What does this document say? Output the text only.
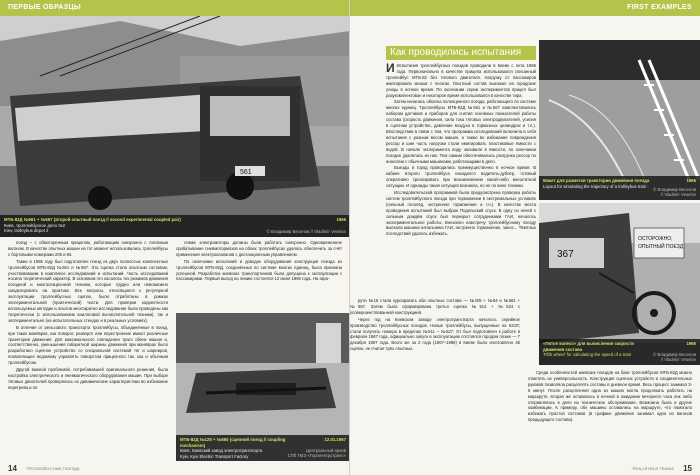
ПЕРВЫЕ ОБРАЗЦЫ
561
МТБ-82Д №561 + №567 (второй опытный поезд // second experimental coupled pair)
Киев, троллейбусное депо №2
Kiev, trolleybus depot 2
1966
© Владимир Веселов // Vladimir Veselov

поезд – с обмоторенным прицепом, работающим синхронно с головным вагоном. В качестве опытных машин на тот момент использовались троллейбусы с бортовыми номерами 205 и 84.

Также в 1965 году был подготовлен поезд из двух полностью комплектных троллейбусов МТБ-82Д №561 и №567. Эта сцепка стала опытным составом, участвовавшим в комплексе исследований и испытаний. Часть исследований носила теоретический характер. В основном это касалось тех режимов движения поездной и многосекционной техники, которые трудно или невозможно смоделировать на практике. Все вопросы, относящиеся к регулярной эксплуатации троллейбусных сцепок, были отработаны в рамках экспериментальной (практической) части. Для проверки корректности используемых методик и опытов многократно исследования были проведены как теоретически (с использованием аналоговой вычислительной техники), так и экспериментально (на испытательных стендах и в реальных условиях).

В отличие от рельсового транспорта троллейбусы, объединённые в поезд, при таких манёврах, как поворот, разворот или перестроение имеют различные траектории движения. Для максимального совпадения трасс обеих машин и, соответственно, уменьшения габаритной ширины движения при манёврах было разработано сцепное устройство со специальной системой тяг и шарниров, позволяющее ведомому управлять поворотом прицепного так, как и обычным троллейбусом.

Другой важной проблемой, потребовавшей оригинального решения, была настройка электрического и пневматического оборудования машин. При выборе тяговых двигателей проверялись их динамические характеристики во избежание перегрева и по

ломке электромоторы должны были работать синхронно. Одновременное срабатывание пневмотормозов на обоих троллейбусах удалось обеспечить за счёт применения электроклапанов с дистанционным управлением.

По окончании испытаний и доводок оборудования конструкция поезда из троллейбусов МТБ-82Д, соединённых по системе многих единиц, была признана успешной. Разработка киевских транспортников была допущена к эксплуатации с пассажирами. Первый выход на линию состоялся 12 июня 1966 года. На экра-

МТБ-82Д №128 + №560 (сцепной поезд // coupling mechanism)
Киев, Киевский завод электротранспорта
Kyiv, Kyiv Electric Transport Factory
12.01.1967
Центральный архив
СПб ГМЭ «Горэлектротранс»
14 ТРОЛЛЕЙБУСНЫЕ ПОЕЗДА
FIRST EXAMPLES
Как проводились испытания

И Испытания троллейбусных поездов проводили в Киеве с лета 1965 года. Первоначально в качестве прицепа использовался списанный троллейбус МТБ-82 без тягового двигателя. Нагрузку от пассажиров имитировали мешки с песком. Опытный состав выезжал на городские улицы в ночное время. По окончании серии экспериментов прицеп был разукомплектован и некоторое время использовался в качестве тира.

Затем начались обкатка полноценного поезда, работающего по системе многих единиц. Троллейбусы МТБ-82Д №561 и №567 комплектовались набором датчиков и приборов для снятия основных показателей работы состава (скорость движения, сила тока тяговых электродвигателей, усилия в сцепном устройстве, давление воздуха в тормозных цилиндрах и т.п.). Впоследствии в связи с тем, что программа исследований включила в себя испытания с разным весом машин, а также во избежание повреждения рессор и шин часть нагрузки стали имитировать пластиковые ёмкости с водой. В начале эксперимента воду заливали в ёмкости, по окончании поездок удалялась из них. Тем самым обеспечивалась разгрузка рессор по аналогии с обычными машинами, работающими в депо.

Выезды в город проводились преимущественно в ночное время. В кабине второго троллейбуса находился водитель-дублёр, готовый оперативно среагировать при возникновении какой-либо внештатной ситуации. И однажды такая ситуация возникла, но не по вине техники.

Исследовательской программой была предусмотрена проверка работы систем троллейбусного поезда при торможении в экстремальных условиях (сильный гололёд, экстренное торможение и т.п.). В качестве места проведения испытаний был выбран Подольский спуск. В одну из ночей с сильным дождём спуск был перекрыт сотрудниками ГАИ, началось экспериментальное работы. Внезапно навстречу троллейбусному поезду выехала машина начальника ГАИ, экстренно торможение, занос... Тяжёлых последствий удалось избежать.

рути №16 стали курсировать оба опытных состава — №205 + №84 и №561 + №567. Затем была сформирована третья сцепка №512 + №524 с усовершенствованной конструкцией.

Через год на Киевском заводе электротранспорта началось серийное производство троллейбусных поездов. Новые троллейбусы, выпущенные на КЗЭТ, стали получать номера в пределах №511 – №527. От был подготовлен к работе в феврале 1967 года, официально запуск в эксплуатацию состоялся городом позже — 7 декабря 1967 года. Всего же за 2 года (1967–1968) в Киеве было изготовлено 46 сцепок, не считая трёх опытных.

Среди особенностей киевских поездов на базе троллейбусов МТБ-82Д можно отметить их универсальность. Конструкция сцепных устройств и соединительных рукавов позволяла расцеплять составы в дневное время. Весь процесс занимал 3-5 минут. После расцепления одна из машин могла продолжать работать на маршруте, вторая же оставалась в ночной в ожидании вечернего часа пик либо отправлялась в депо на техническое обслуживание. Возможна была и другие комбинации. К примеру, обе машины оставались на маршруте, что помогало избежать простоя составов (в графике движения занимал одно из вагонов предыдущего состава).

Макет для разметки траектории движения поезда
Layout for simulating the trajectory of a trolleybus train
1965
© Владимир Веселов
// Vladimir Veselov
367
ОСТОРОЖНО,
ОПЫТНЫЙ ПОЕЗД
«Пятое колесо» для вычисления скорости движения состава
'Fifth wheel' for calculating the speed of a train
1965
© Владимир Веселов
// Vladimir Veselov
TROLLEYBUS TRAINS 15
